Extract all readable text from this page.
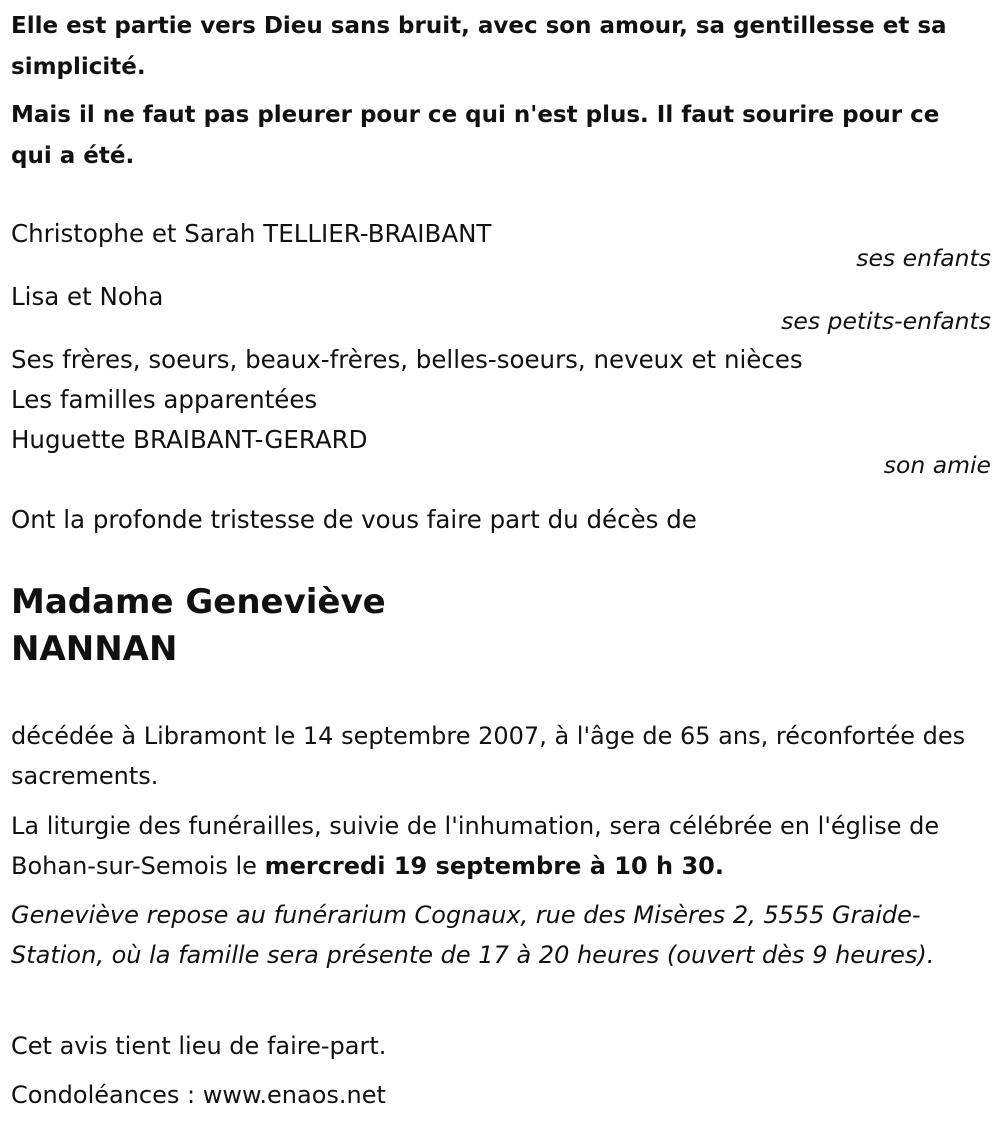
Elle est partie vers Dieu sans bruit, avec son amour, sa gentillesse et sa simplicité.

Mais il ne faut pas pleurer pour ce qui n'est plus. Il faut sourire pour ce qui a été.

Christophe et Sarah TELLIER-BRAIBANT
ses enfants
Lisa et Noha
ses petits-enfants
Ses frères, soeurs, beaux-frères, belles-soeurs, neveux et nièces
Les familles apparentées
Huguette BRAIBANT-GERARD
son amie
Ont la profonde tristesse de vous faire part du décès de
Madame Geneviève
NANNAN
décédée à Libramont le 14 septembre 2007, à l'âge de 65 ans, réconfortée des sacrements.
La liturgie des funérailles, suivie de l'inhumation, sera célébrée en l'église de Bohan-sur-Semois le mercredi 19 septembre à 10 h 30.
Geneviève repose au funérarium Cognaux, rue des Misères 2, 5555 Graide-Station, où la famille sera présente de 17 à 20 heures (ouvert dès 9 heures).
Cet avis tient lieu de faire-part.
Condoléances : www.enaos.net
